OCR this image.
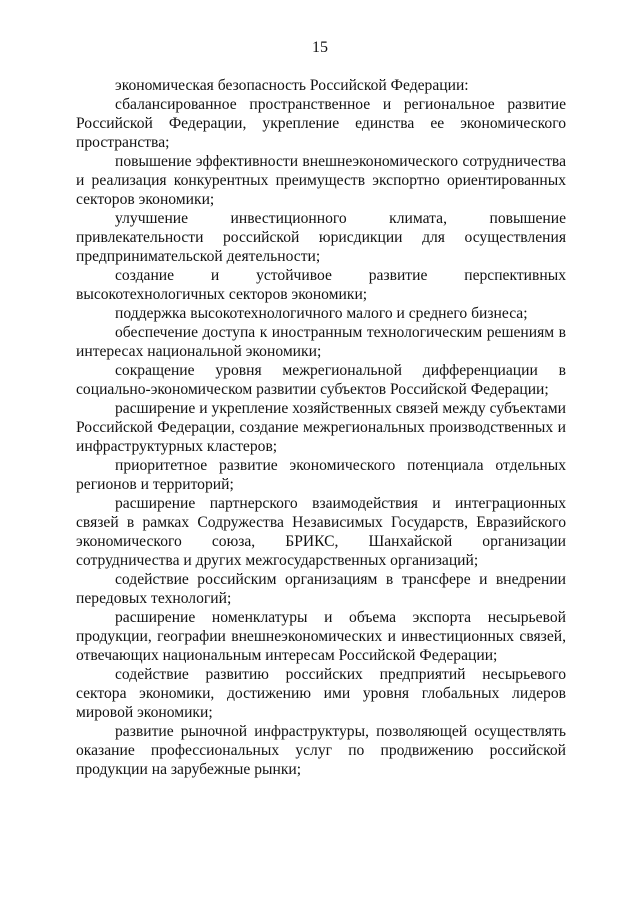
15

экономическая безопасность Российской Федерации:

сбалансированное пространственное и региональное развитие Российской Федерации, укрепление единства ее экономического пространства;

повышение эффективности внешнеэкономического сотрудничества и реализация конкурентных преимуществ экспортно ориентированных секторов экономики;

улучшение инвестиционного климата, повышение привлекательности российской юрисдикции для осуществления предпринимательской деятельности;

создание и устойчивое развитие перспективных высокотехнологичных секторов экономики;

поддержка высокотехнологичного малого и среднего бизнеса;

обеспечение доступа к иностранным технологическим решениям в интересах национальной экономики;

сокращение уровня межрегиональной дифференциации в социально-экономическом развитии субъектов Российской Федерации;

расширение и укрепление хозяйственных связей между субъектами Российской Федерации, создание межрегиональных производственных и инфраструктурных кластеров;

приоритетное развитие экономического потенциала отдельных регионов и территорий;

расширение партнерского взаимодействия и интеграционных связей в рамках Содружества Независимых Государств, Евразийского экономического союза, БРИКС, Шанхайской организации сотрудничества и других межгосударственных организаций;

содействие российским организациям в трансфере и внедрении передовых технологий;

расширение номенклатуры и объема экспорта несырьевой продукции, географии внешнеэкономических и инвестиционных связей, отвечающих национальным интересам Российской Федерации;

содействие развитию российских предприятий несырьевого сектора экономики, достижению ими уровня глобальных лидеров мировой экономики;

развитие рыночной инфраструктуры, позволяющей осуществлять оказание профессиональных услуг по продвижению российской продукции на зарубежные рынки;
